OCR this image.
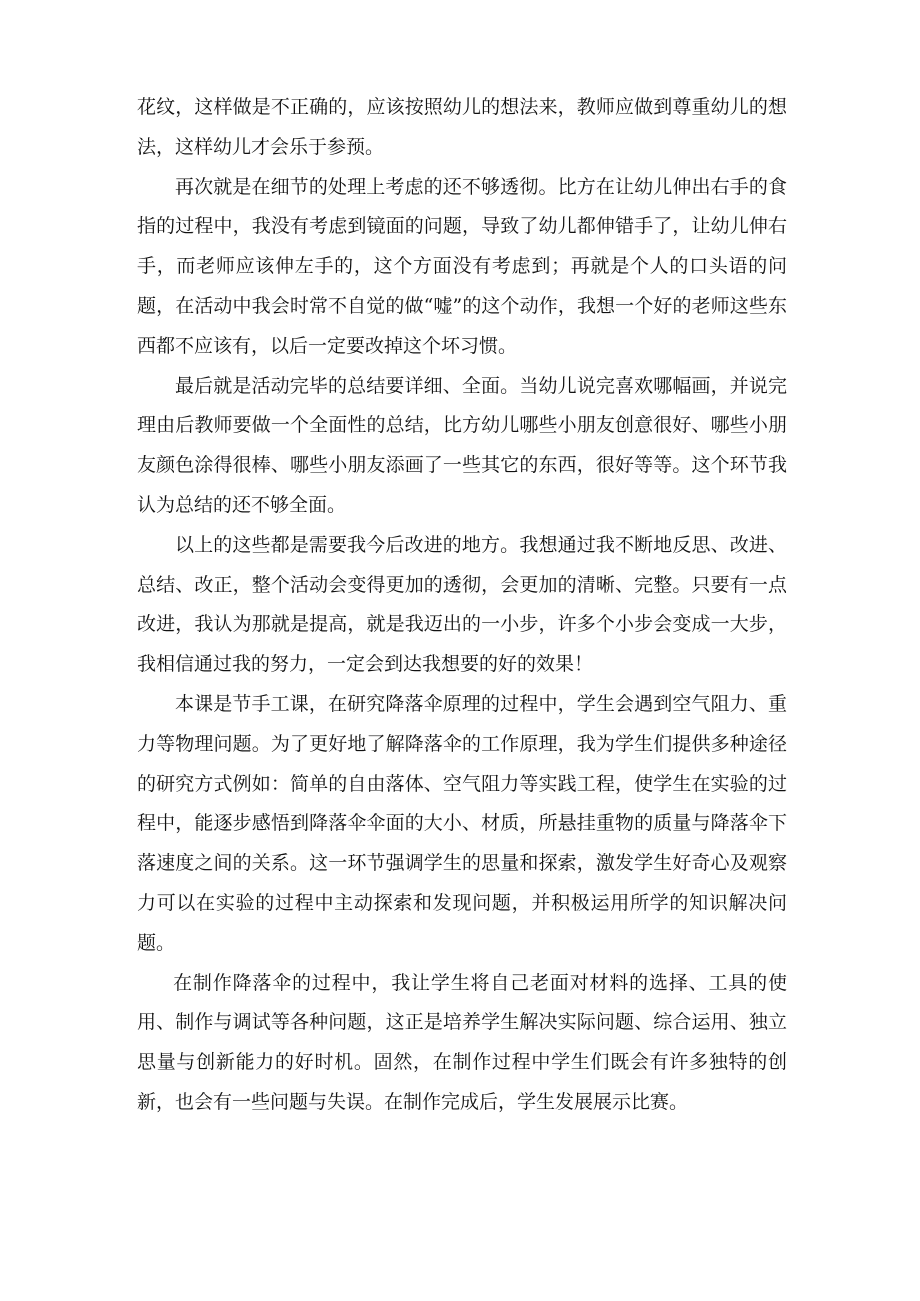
花纹，这样做是不正确的，应该按照幼儿的想法来，教师应做到尊重幼儿的想法，这样幼儿才会乐于参预。

再次就是在细节的处理上考虑的还不够透彻。比方在让幼儿伸出右手的食指的过程中，我没有考虑到镜面的问题，导致了幼儿都伸错手了，让幼儿伸右手，而老师应该伸左手的，这个方面没有考虑到；再就是个人的口头语的问题，在活动中我会时常不自觉的做“嘘”的这个动作，我想一个好的老师这些东西都不应该有，以后一定要改掉这个坏习惯。

最后就是活动完毕的总结要详细、全面。当幼儿说完喜欢哪幅画，并说完理由后教师要做一个全面性的总结，比方幼儿哪些小朋友创意很好、哪些小朋友颜色涂得很棒、哪些小朋友添画了一些其它的东西，很好等等。这个环节我认为总结的还不够全面。

以上的这些都是需要我今后改进的地方。我想通过我不断地反思、改进、总结、改正，整个活动会变得更加的透彻，会更加的清晰、完整。只要有一点改进，我认为那就是提高，就是我迈出的一小步，许多个小步会变成一大步，我相信通过我的努力，一定会到达我想要的好的效果！

本课是节手工课，在研究降落伞原理的过程中，学生会遇到空气阻力、重力等物理问题。为了更好地了解降落伞的工作原理，我为学生们提供多种途径的研究方式例如：简单的自由落体、空气阻力等实践工程，使学生在实验的过程中，能逐步感悟到降落伞伞面的大小、材质，所悬挂重物的质量与降落伞下落速度之间的关系。这一环节强调学生的思量和探索，激发学生好奇心及观察力可以在实验的过程中主动探索和发现问题，并积极运用所学的知识解决问题。

在制作降落伞的过程中，我让学生将自己老面对材料的选择、工具的使用、制作与调试等各种问题，这正是培养学生解决实际问题、综合运用、独立思量与创新能力的好时机。固然，在制作过程中学生们既会有许多独特的创新，也会有一些问题与失误。在制作完成后，学生发展展示比赛。
